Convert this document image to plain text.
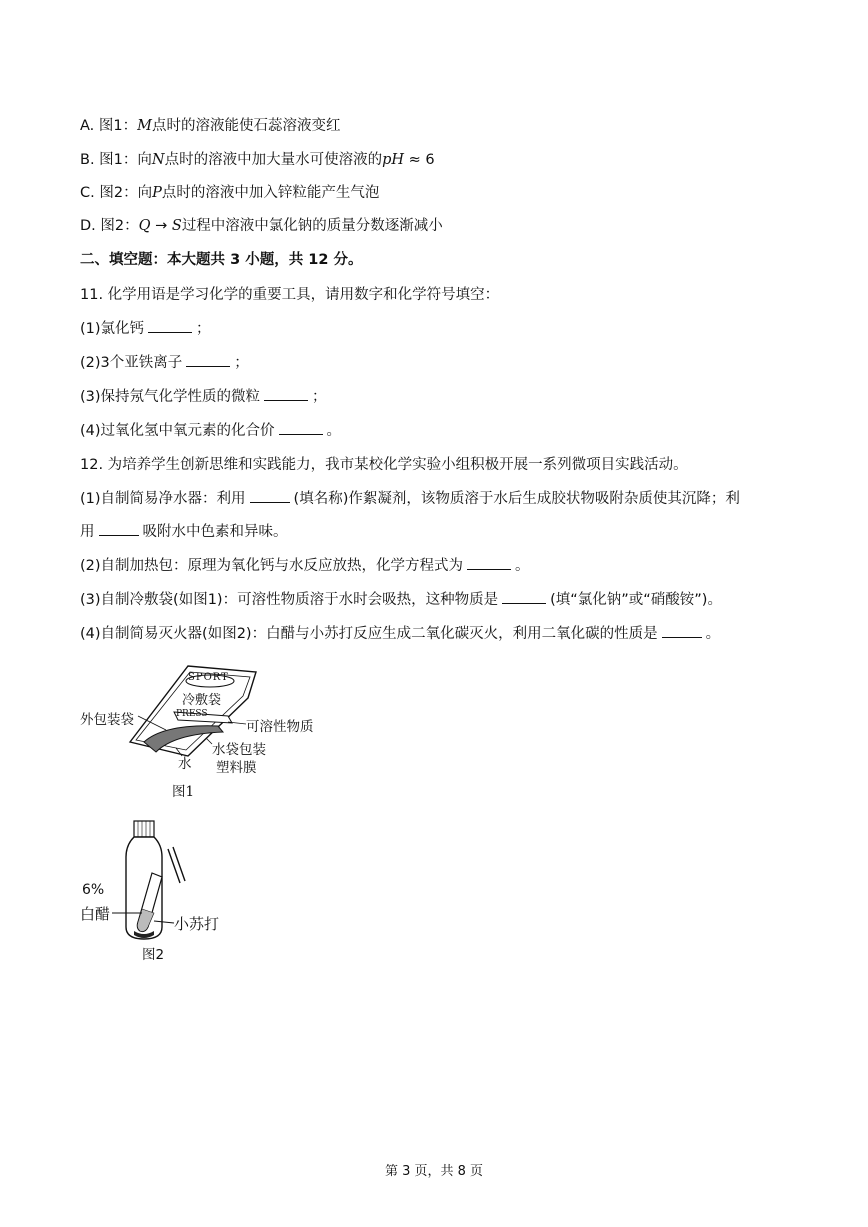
A. 图1：M点时的溶液能使石蕊溶液变红
B. 图1：向N点时的溶液中加大量水可使溶液的pH ≈ 6
C. 图2：向P点时的溶液中加入锌粒能产生气泡
D. 图2：Q → S过程中溶液中氯化钠的质量分数逐渐减小
二、填空题：本大题共 3 小题，共 12 分。
11. 化学用语是学习化学的重要工具，请用数字和化学符号填空：
(1)氯化钙	；
(2)3个亚铁离子	；
(3)保持氖气化学性质的微粒	；
(4)过氧化氢中氧元素的化合价	。
12. 为培养学生创新思维和实践能力，我市某校化学实验小组积极开展一系列微项目实践活动。
(1)自制简易净水器：利用	(填名称)作絮凝剂，该物质溶于水后生成胶状物吸附杂质使其沉降；利
用	吸附水中色素和异味。
(2)自制加热包：原理为氧化钙与水反应放热，化学方程式为	。
(3)自制冷敷袋(如图1)：可溶性物质溶于水时会吸热，这种物质是	(填“氯化钠”或“硝酸铵”)。
(4)自制简易灭火器(如图2)：白醋与小苏打反应生成二氧化碳灭火，利用二氧化碳的性质是	。
SPORT
冷敷袋
PRESS
外包装袋	可溶性物质
水袋包装
塑料膜
水
图1
6%
白醋
小苏打
图2
第 3 页，共 8 页
